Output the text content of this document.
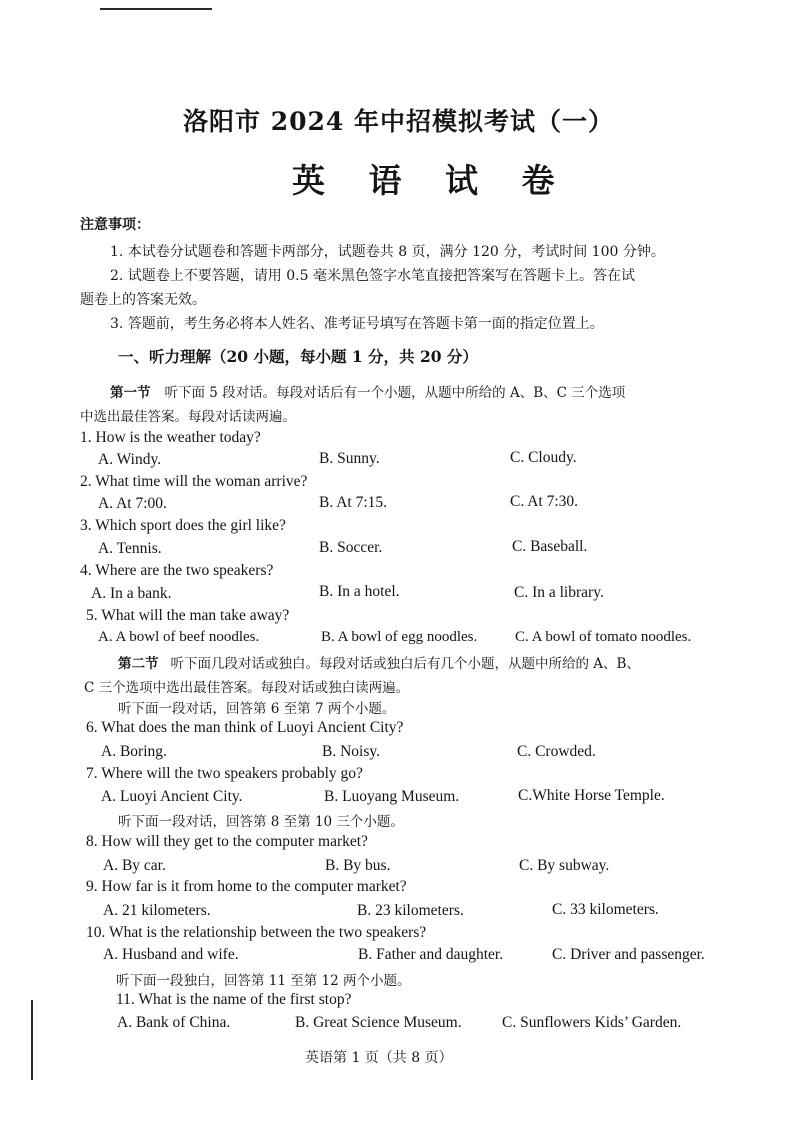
洛阳市 2024 年中招模拟考试（一）
英 语 试 卷
注意事项：
1. 本试卷分试题卷和答题卡两部分，试题卷共 8 页，满分 120 分，考试时间 100 分钟。
2. 试题卷上不要答题，请用 0.5 毫米黑色签字水笔直接把答案写在答题卡上。答在试
题卷上的答案无效。
3. 答题前，考生务必将本人姓名、准考证号填写在答题卡第一面的指定位置上。
一、听力理解（20 小题，每小题 1 分，共 20 分）
第一节 听下面 5 段对话。每段对话后有一个小题，从题中所给的 A、B、C 三个选项
中选出最佳答案。每段对话读两遍。
1. How is the weather today?
A. Windy.	B. Sunny.	C. Cloudy.
2. What time will the woman arrive?
A. At 7:00.	B. At 7:15.	C. At 7:30.
3. Which sport does the girl like?
A. Tennis.	B. Soccer.	C. Baseball.
4. Where are the two speakers?
A. In a bank.	B. In a hotel.	C. In a library.
5. What will the man take away?
A. A bowl of beef noodles.	B. A bowl of egg noodles.	C. A bowl of tomato noodles.
第二节 听下面几段对话或独白。每段对话或独白后有几个小题，从题中所给的 A、B、
C 三个选项中选出最佳答案。每段对话或独白读两遍。
听下面一段对话，回答第 6 至第 7 两个小题。
6. What does the man think of Luoyi Ancient City?
A. Boring.	B. Noisy.	C. Crowded.
7. Where will the two speakers probably go?
A. Luoyi Ancient City.	B. Luoyang Museum.	C.White Horse Temple.
听下面一段对话，回答第 8 至第 10 三个小题。
8. How will they get to the computer market?
A. By car.	B. By bus.	C. By subway.
9. How far is it from home to the computer market?
A. 21 kilometers.	B. 23 kilometers.	C. 33 kilometers.
10. What is the relationship between the two speakers?
A. Husband and wife.	B. Father and daughter.	C. Driver and passenger.
听下面一段独白，回答第 11 至第 12 两个小题。
11. What is the name of the first stop?
A. Bank of China.	B. Great Science Museum.	C. Sunflowers Kids’ Garden.
英语第 1 页（共 8 页）
